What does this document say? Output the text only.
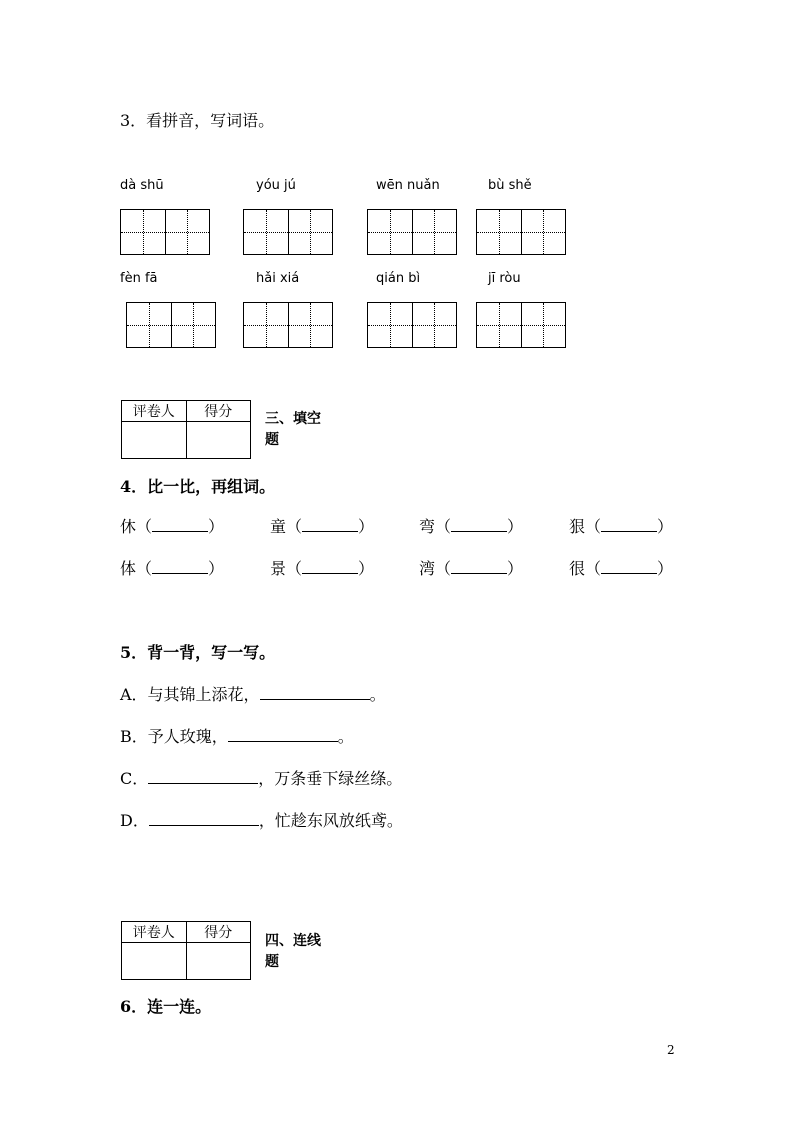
3．看拼音，写词语。
dà shū	yóu jú	wēn nuǎn	bù shě
fèn fā	hǎi xiá	qián bì	jī ròu
评卷人	得分
	三、填空
题
4．比一比，再组词。
休（	）	童（	）	弯（	）	狠（	）
体（	）	景（	）	湾（	）	很（	）
5．背一背，写一写。
A．与其锦上添花，	。
B．予人玫瑰，	。
C．	，万条垂下绿丝绦。
D．	，忙趁东风放纸鸢。
评卷人	得分
	四、连线
题
6．连一连。
2
